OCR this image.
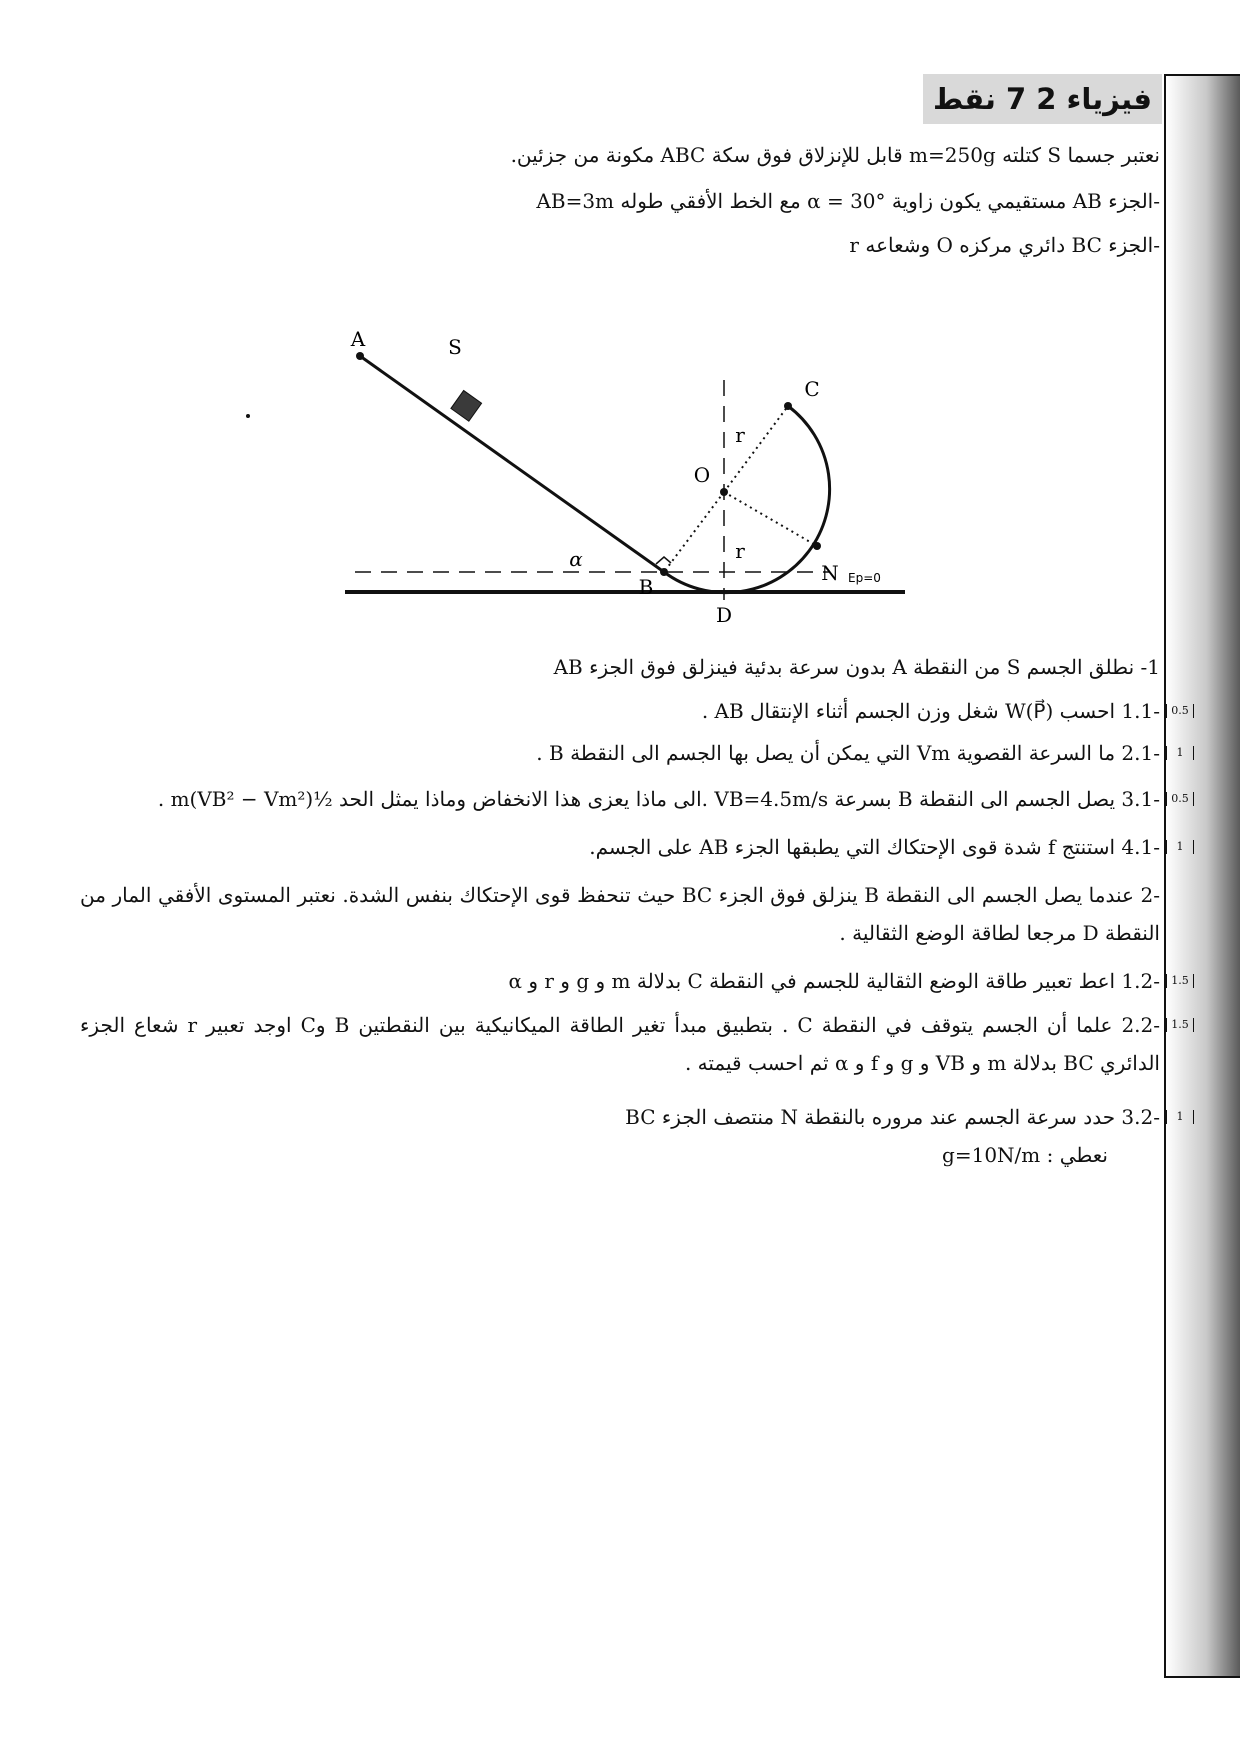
فيزياء 2 7 نقط
نعتبر جسما S كتلته m=250g قابل للإنزلاق فوق سكة ABC مكونة من جزئين.
-الجزء AB مستقيمي يكون زاوية α = 30° مع الخط الأفقي طوله AB=3m
-الجزء BC دائري مركزه O وشعاعه r
A	S
C
r
O
r
α
B
N Ep=0
D
1- نطلق الجسم S من النقطة A بدون سرعة بدئية فينزلق فوق الجزء AB
-1.1 احسب W(P⃗) شغل وزن الجسم أثناء الإنتقال AB .	0.5
-2.1 ما السرعة القصوية Vm التي يمكن أن يصل بها الجسم الى النقطة B .	1
-3.1 يصل الجسم الى النقطة B بسرعة VB=4.5m/s .الى ماذا يعزى هذا الانخفاض وماذا يمثل الحد ½m(VB² − Vm²) .	0.5
-4.1 استنتج f شدة قوى الإحتكاك التي يطبقها الجزء AB على الجسم.	1
-2 عندما يصل الجسم الى النقطة B ينزلق فوق الجزء BC حيث تنحفظ قوى الإحتكاك بنفس الشدة. نعتبر المستوى الأفقي المار من النقطة D مرجعا لطاقة الوضع الثقالية .
-1.2 اعط تعبير طاقة الوضع الثقالية للجسم في النقطة C بدلالة m و g و r و α	1.5
-2.2 علما أن الجسم يتوقف في النقطة C . بتطبيق مبدأ تغير الطاقة الميكانيكية بين النقطتين B وC اوجد تعبير r شعاع الجزء الدائري BC بدلالة m و VB و g و f و α ثم احسب قيمته .
1.5
-3.2 حدد سرعة الجسم عند مروره بالنقطة N منتصف الجزء BC	1
نعطي : g=10N/m
